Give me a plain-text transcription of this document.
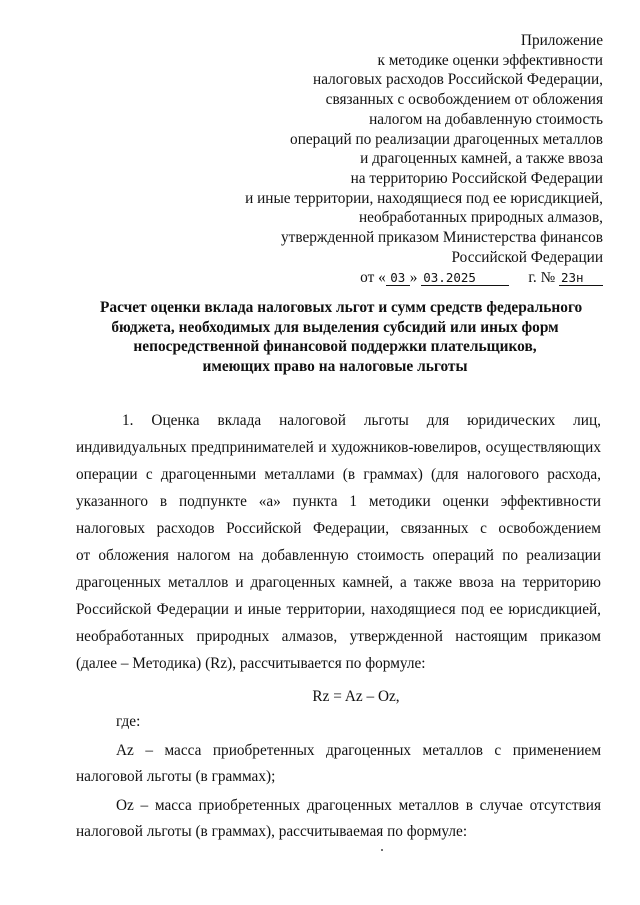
Приложение
к методике оценки эффективности
налоговых расходов Российской Федерации,
связанных с освобождением от обложения
налогом на добавленную стоимость
операций по реализации драгоценных металлов
и драгоценных камней, а также ввоза
на территорию Российской Федерации
и иные территории, находящиеся под ее юрисдикцией,
необработанных природных алмазов,
утвержденной приказом Министерства финансов
Российской Федерации
от « 03 » 03.2025	г. № 23н
Расчет оценки вклада налоговых льгот и сумм средств федерального
бюджета, необходимых для выделения субсидий или иных форм
непосредственной финансовой поддержки плательщиков,
имеющих право на налоговые льготы
1. Оценка вклада налоговой льготы для юридических лиц,
индивидуальных предпринимателей и художников-ювелиров, осуществляющих
операции с драгоценными металлами (в граммах) (для налогового расхода,
указанного в подпункте «а» пункта 1 методики оценки эффективности
налоговых расходов Российской Федерации, связанных с освобождением
от обложения налогом на добавленную стоимость операций по реализации
драгоценных металлов и драгоценных камней, а также ввоза на территорию
Российской Федерации и иные территории, находящиеся под ее юрисдикцией,
необработанных природных алмазов, утвержденной настоящим приказом
(далее – Методика) (Rz), рассчитывается по формуле:
Rz = Az – Oz,
где:
Az – масса приобретенных драгоценных металлов с применением
налоговой льготы (в граммах);
Oz – масса приобретенных драгоценных металлов в случае отсутствия
налоговой льготы (в граммах), рассчитываемая по формуле:
